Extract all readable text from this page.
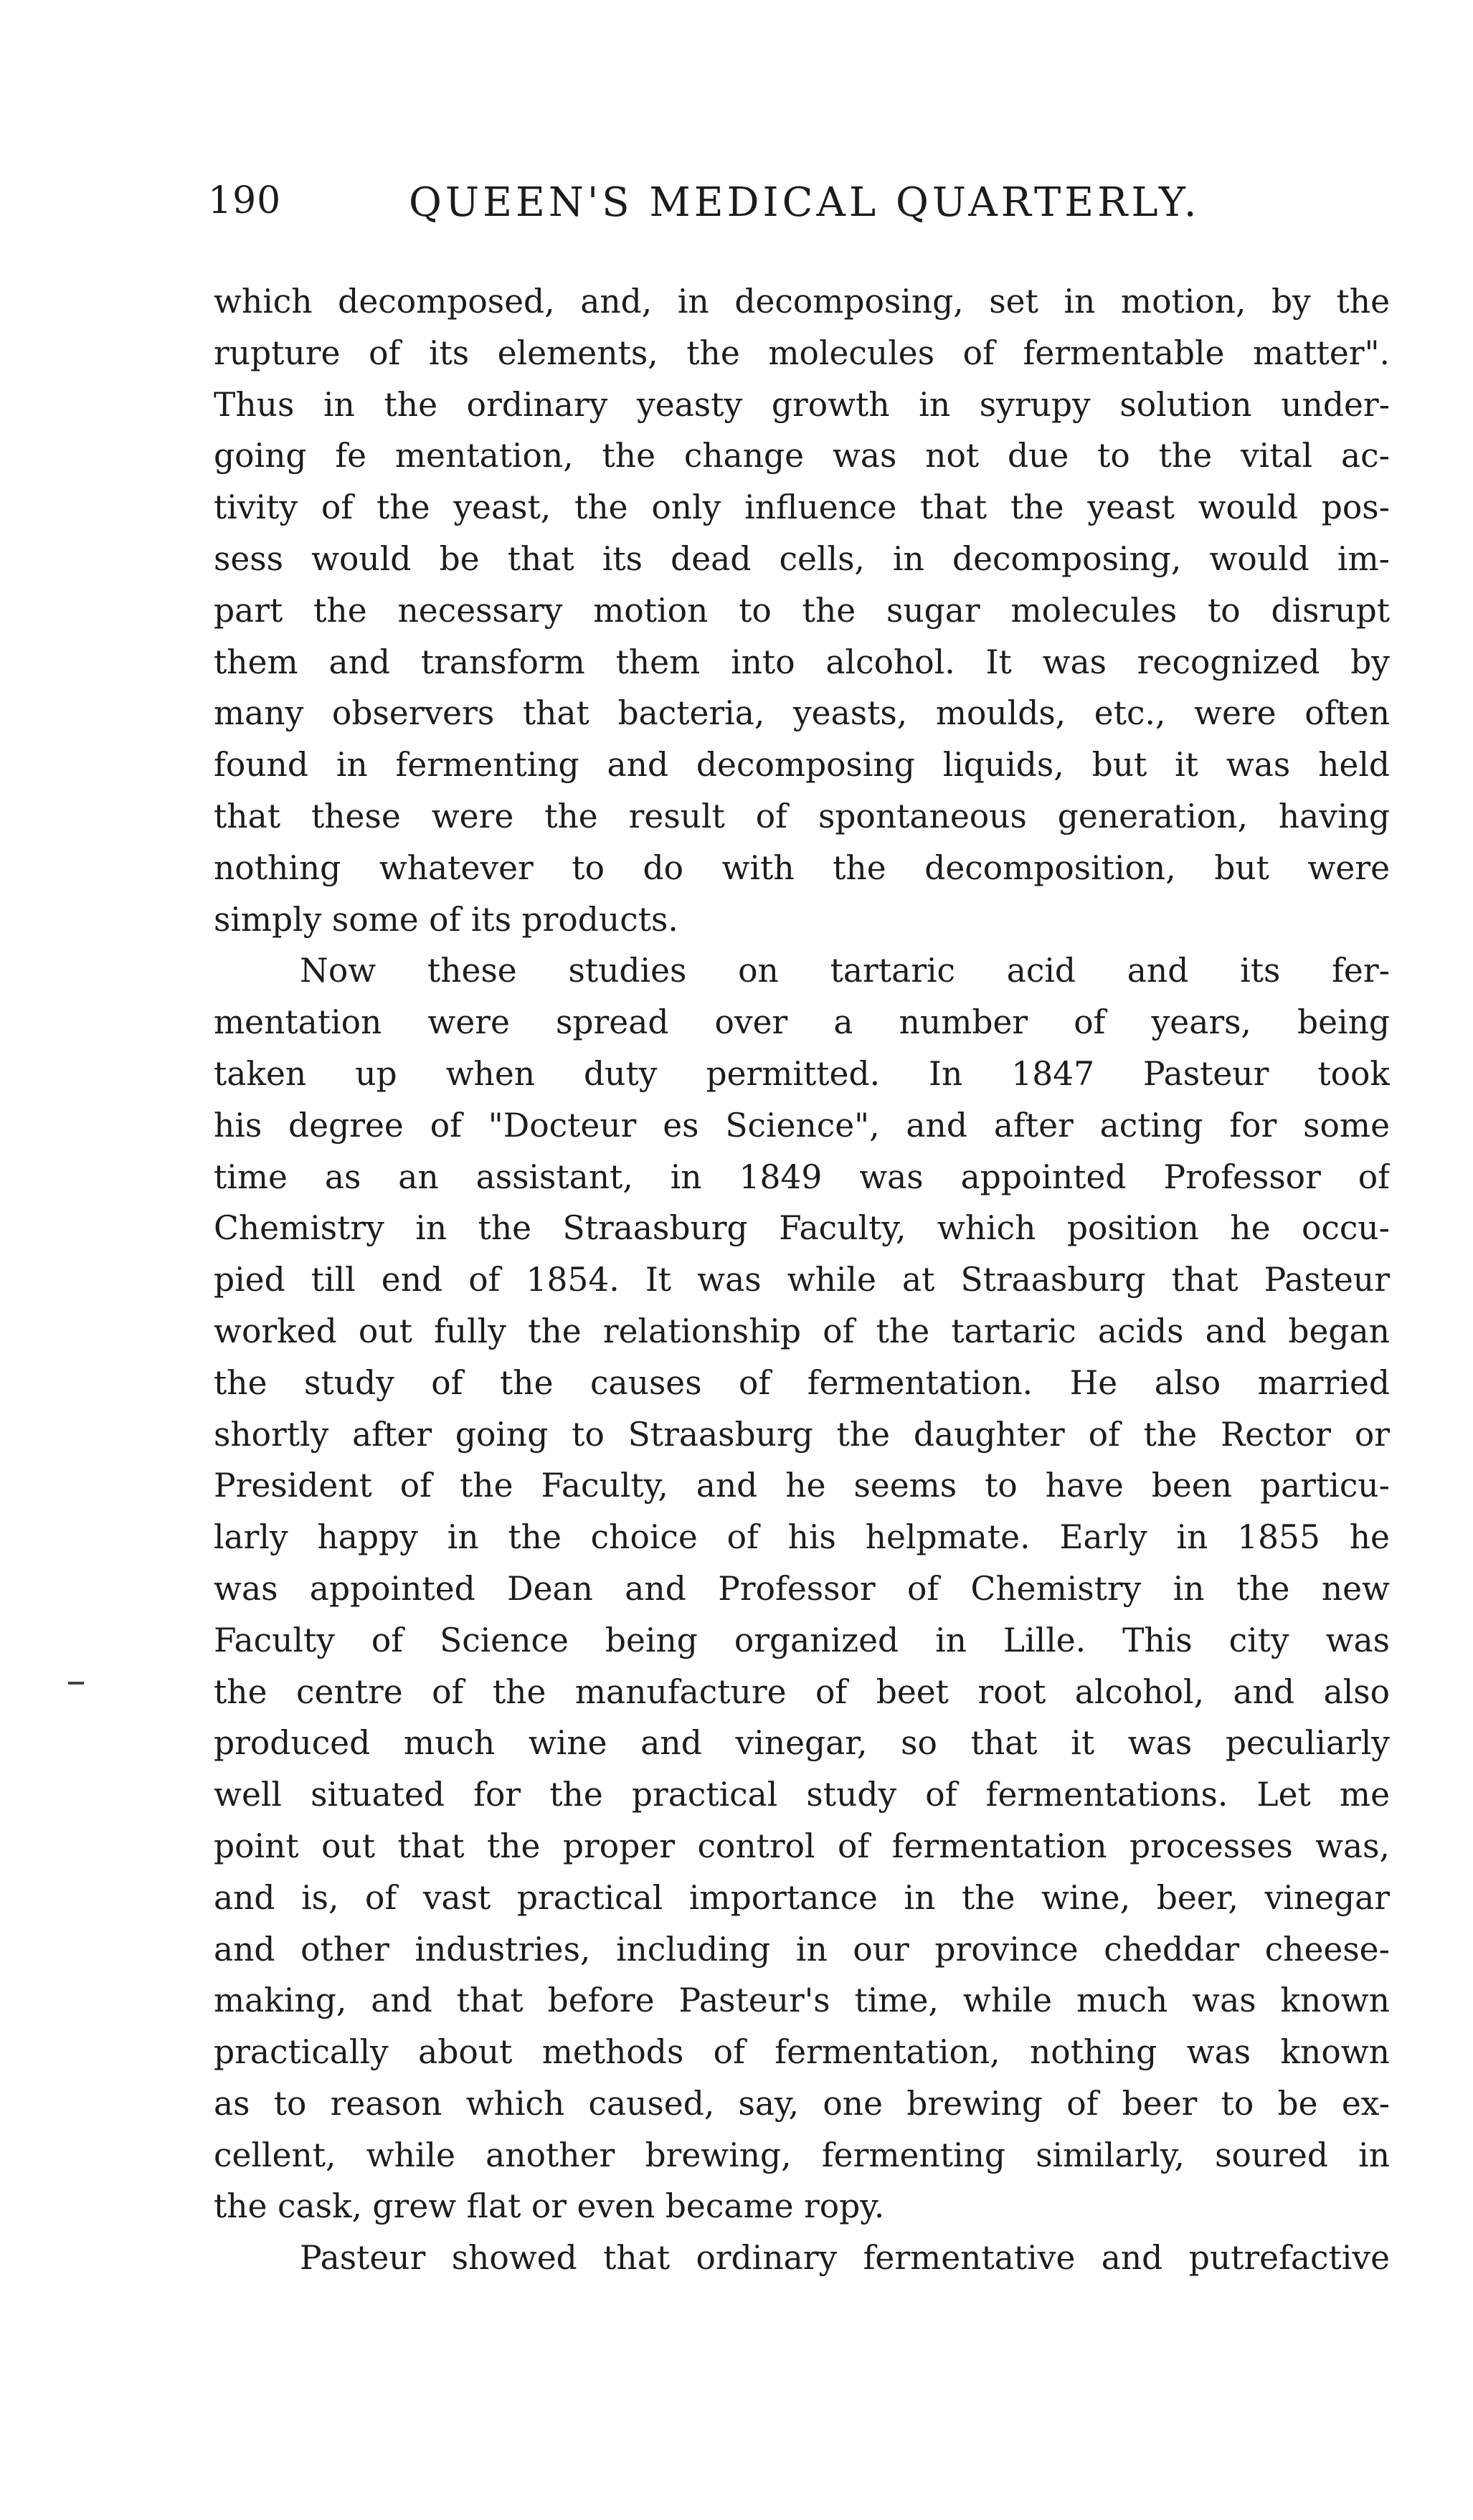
190	QUEEN'S MEDICAL QUARTERLY.
which decomposed, and, in decomposing, set in motion, by the
rupture of its elements, the molecules of fermentable matter".
Thus in the ordinary yeasty growth in syrupy solution under-
going fe mentation, the change was not due to the vital ac-
tivity of the yeast, the only influence that the yeast would pos-
sess would be that its dead cells, in decomposing, would im-
part the necessary motion to the sugar molecules to disrupt
them and transform them into alcohol. It was recognized by
many observers that bacteria, yeasts, moulds, etc., were often
found in fermenting and decomposing liquids, but it was held
that these were the result of spontaneous generation, having
nothing whatever to do with the decomposition, but were
simply some of its products.
Now these studies on tartaric acid and its fer-
mentation were spread over a number of years, being
taken up when duty permitted. In 1847 Pasteur took
his degree of "Docteur es Science", and after acting for some
time as an assistant, in 1849 was appointed Professor of
Chemistry in the Straasburg Faculty, which position he occu-
pied till end of 1854. It was while at Straasburg that Pasteur
worked out fully the relationship of the tartaric acids and began
the study of the causes of fermentation. He also married
shortly after going to Straasburg the daughter of the Rector or
President of the Faculty, and he seems to have been particu-
larly happy in the choice of his helpmate. Early in 1855 he
was appointed Dean and Professor of Chemistry in the new
Faculty of Science being organized in Lille. This city was
the centre of the manufacture of beet root alcohol, and also
produced much wine and vinegar, so that it was peculiarly
well situated for the practical study of fermentations. Let me
point out that the proper control of fermentation processes was,
and is, of vast practical importance in the wine, beer, vinegar
and other industries, including in our province cheddar cheese-
making, and that before Pasteur's time, while much was known
practically about methods of fermentation, nothing was known
as to reason which caused, say, one brewing of beer to be ex-
cellent, while another brewing, fermenting similarly, soured in
the cask, grew flat or even became ropy.
Pasteur showed that ordinary fermentative and putrefactive
